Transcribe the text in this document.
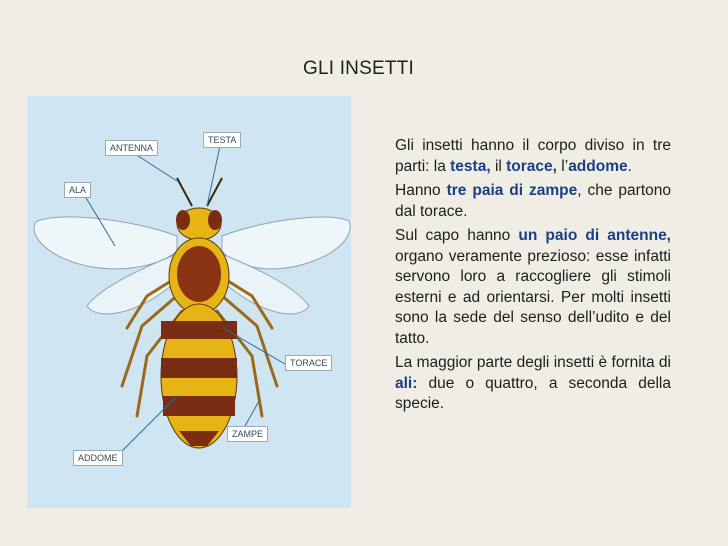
GLI INSETTI
ANTENNA
TESTA
ALA
TORACE
ZAMPE
ADDOME

Gli insetti hanno il corpo diviso in tre parti: la testa, il torace, l’addome.

Hanno tre paia di zampe, che partono dal torace.

Sul capo hanno un paio di antenne, organo veramente prezioso: esse infatti servono loro a raccogliere gli stimoli esterni e ad orientarsi. Per molti insetti sono la sede del senso dell’udito e del tatto.

La maggior parte degli insetti è fornita di ali: due o quattro, a seconda della specie.
